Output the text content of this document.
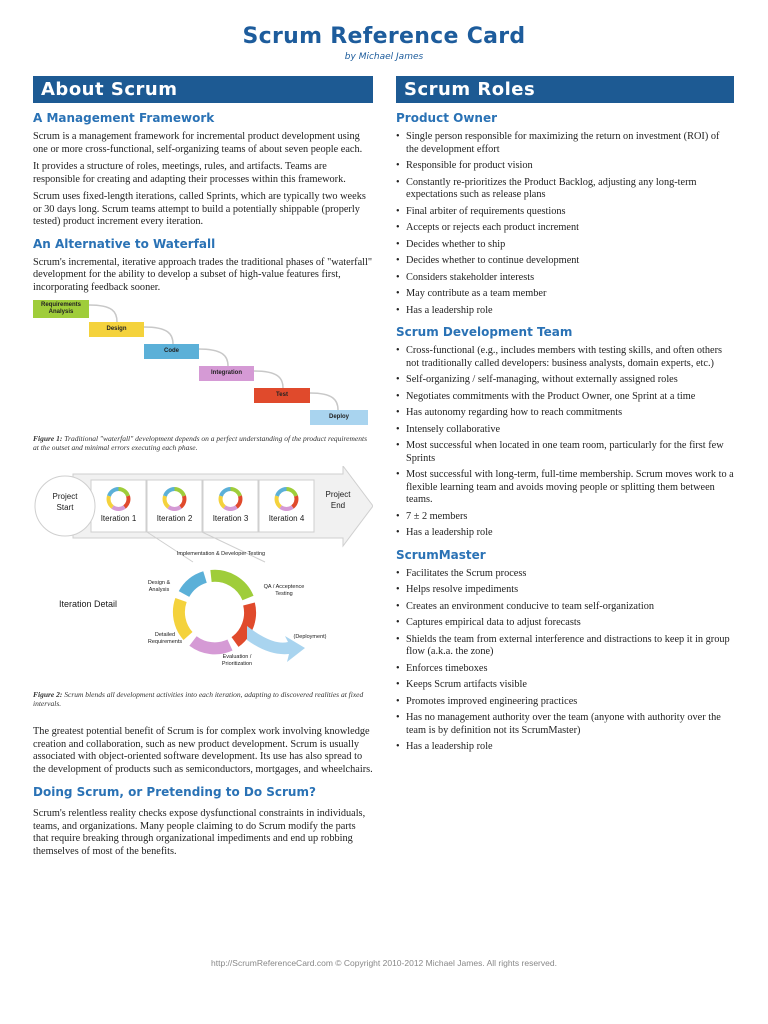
Scrum Reference Card
by Michael James
About Scrum
A Management Framework

Scrum is a management framework for incremental product development using one or more cross-functional, self-organizing teams of about seven people each.

It provides a structure of roles, meetings, rules, and artifacts. Teams are responsible for creating and adapting their processes within this framework.

Scrum uses fixed-length iterations, called Sprints, which are typically two weeks or 30 days long. Scrum teams attempt to build a potentially shippable (properly tested) product increment every iteration.

An Alternative to Waterfall

Scrum's incremental, iterative approach trades the traditional phases of "waterfall" development for the ability to develop a subset of high-value features first, incorporating feedback sooner.

Requirements Analysis
Design
Code
Integration
Test
Deploy

Figure 1: Traditional "waterfall" development depends on a perfect understanding of the product requirements at the outset and minimal errors executing each phase.

Project Start
Project End
Iteration 1	Iteration 2	Iteration 3	Iteration 4
Iteration Detail
Implementation & Developer Testing
QA / Acceptence Testing
Design & Analysis
Detailed Requirements
Evaluation / Prioritization
(Deployment)

Figure 2: Scrum blends all development activities into each iteration, adapting to discovered realities at fixed intervals.

The greatest potential benefit of Scrum is for complex work involving knowledge creation and collaboration, such as new product development. Scrum is usually associated with object-oriented software development. Its use has also spread to the development of products such as semiconductors, mortgages, and wheelchairs.

Doing Scrum, or Pretending to Do Scrum?

Scrum's relentless reality checks expose dysfunctional constraints in individuals, teams, and organizations. Many people claiming to do Scrum modify the parts that require breaking through organizational impediments and end up robbing themselves of most of the benefits.

Scrum Roles
Product Owner
• Single person responsible for maximizing the return on investment (ROI) of the development effort
• Responsible for product vision
• Constantly re-prioritizes the Product Backlog, adjusting any long-term expectations such as release plans
• Final arbiter of requirements questions
• Accepts or rejects each product increment
• Decides whether to ship
• Decides whether to continue development
• Considers stakeholder interests
• May contribute as a team member
• Has a leadership role
Scrum Development Team
• Cross-functional (e.g., includes members with testing skills, and often others not traditionally called developers: business analysts, domain experts, etc.)
• Self-organizing / self-managing, without externally assigned roles
• Negotiates commitments with the Product Owner, one Sprint at a time
• Has autonomy regarding how to reach commitments
• Intensely collaborative
• Most successful when located in one team room, particularly for the first few Sprints
• Most successful with long-term, full-time membership. Scrum moves work to a flexible learning team and avoids moving people or splitting them between teams.
• 7 ± 2 members
• Has a leadership role
ScrumMaster
• Facilitates the Scrum process
• Helps resolve impediments
• Creates an environment conducive to team self-organization
• Captures empirical data to adjust forecasts
• Shields the team from external interference and distractions to keep it in group flow (a.k.a. the zone)
• Enforces timeboxes
• Keeps Scrum artifacts visible
• Promotes improved engineering practices
• Has no management authority over the team (anyone with authority over the team is by definition not its ScrumMaster)
• Has a leadership role
http://ScrumReferenceCard.com © Copyright 2010-2012 Michael James. All rights reserved.
